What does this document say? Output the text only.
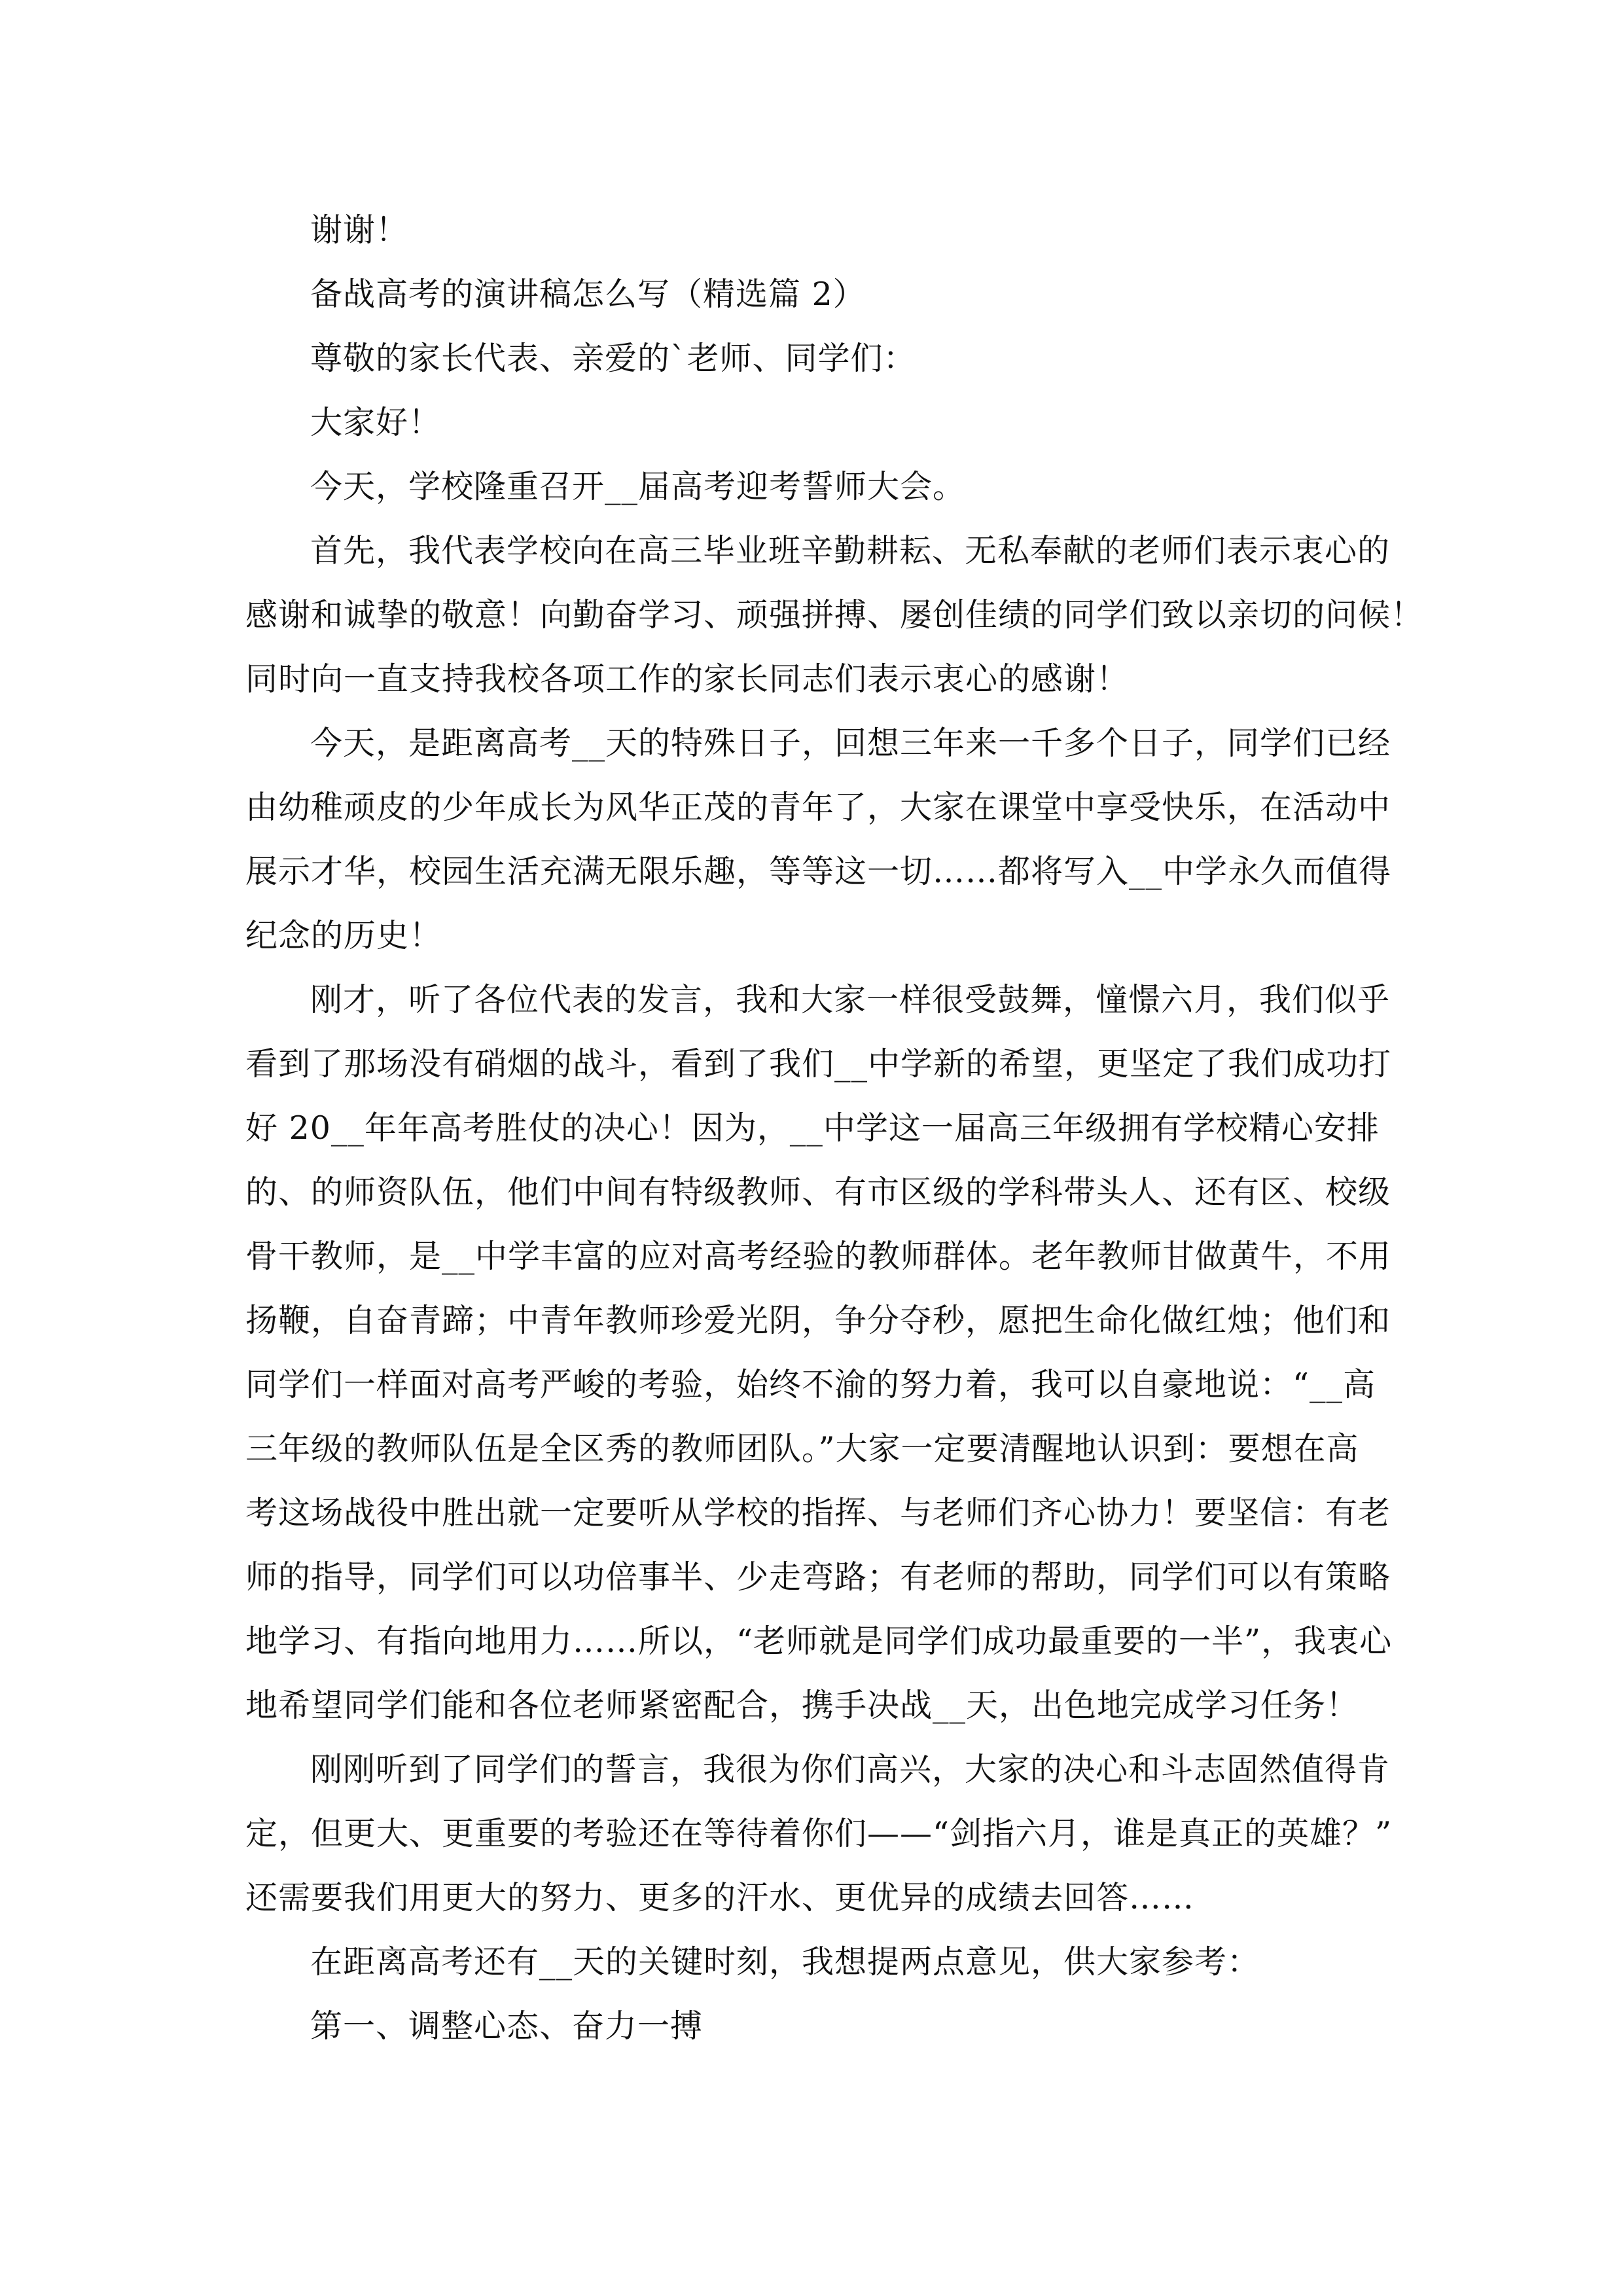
谢谢！

备战高考的演讲稿怎么写（精选篇 2）

尊敬的家长代表、亲爱的`老师、同学们：

大家好！

今天，学校隆重召开__届高考迎考誓师大会。

首先，我代表学校向在高三毕业班辛勤耕耘、无私奉献的老师们表示衷心的

感谢和诚挚的敬意！向勤奋学习、顽强拼搏、屡创佳绩的同学们致以亲切的问候！

同时向一直支持我校各项工作的家长同志们表示衷心的感谢！

今天，是距离高考__天的特殊日子，回想三年来一千多个日子，同学们已经

由幼稚顽皮的少年成长为风华正茂的青年了，大家在课堂中享受快乐，在活动中

展示才华，校园生活充满无限乐趣，等等这一切……都将写入__中学永久而值得

纪念的历史！

刚才，听了各位代表的发言，我和大家一样很受鼓舞，憧憬六月，我们似乎

看到了那场没有硝烟的战斗，看到了我们__中学新的希望，更坚定了我们成功打

好 20__年年高考胜仗的决心！因为，__中学这一届高三年级拥有学校精心安排

的、的师资队伍，他们中间有特级教师、有市区级的学科带头人、还有区、校级

骨干教师，是__中学丰富的应对高考经验的教师群体。老年教师甘做黄牛，不用

扬鞭，自奋青蹄；中青年教师珍爱光阴，争分夺秒，愿把生命化做红烛；他们和

同学们一样面对高考严峻的考验，始终不渝的努力着，我可以自豪地说：“__高

三年级的教师队伍是全区秀的教师团队。”大家一定要清醒地认识到：要想在高

考这场战役中胜出就一定要听从学校的指挥、与老师们齐心协力！要坚信：有老

师的指导，同学们可以功倍事半、少走弯路；有老师的帮助，同学们可以有策略

地学习、有指向地用力……所以，“老师就是同学们成功最重要的一半”，我衷心

地希望同学们能和各位老师紧密配合，携手决战__天，出色地完成学习任务！

刚刚听到了同学们的誓言，我很为你们高兴，大家的决心和斗志固然值得肯

定，但更大、更重要的考验还在等待着你们——“剑指六月，谁是真正的英雄？”

还需要我们用更大的努力、更多的汗水、更优异的成绩去回答……

在距离高考还有__天的关键时刻，我想提两点意见，供大家参考：

第一、调整心态、奋力一搏
